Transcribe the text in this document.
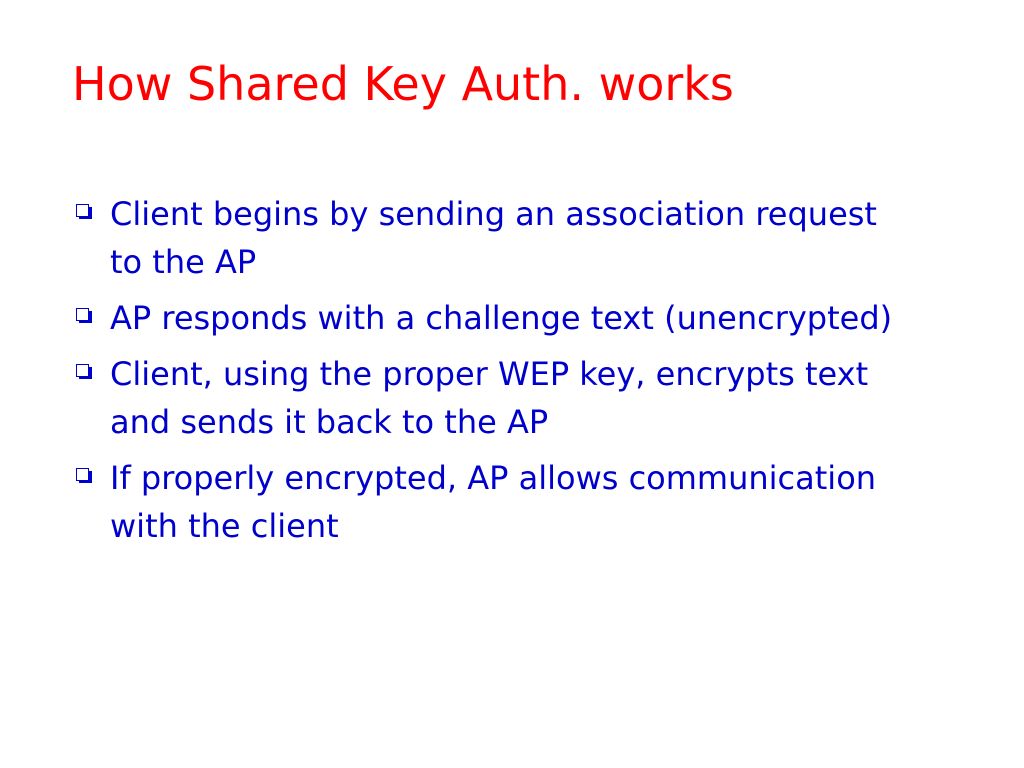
How Shared Key Auth. works
Client begins by sending an association request to the AP
AP responds with a challenge text (unencrypted)
Client, using the proper WEP key, encrypts text and sends it back to the AP
If properly encrypted, AP allows communication with the client
